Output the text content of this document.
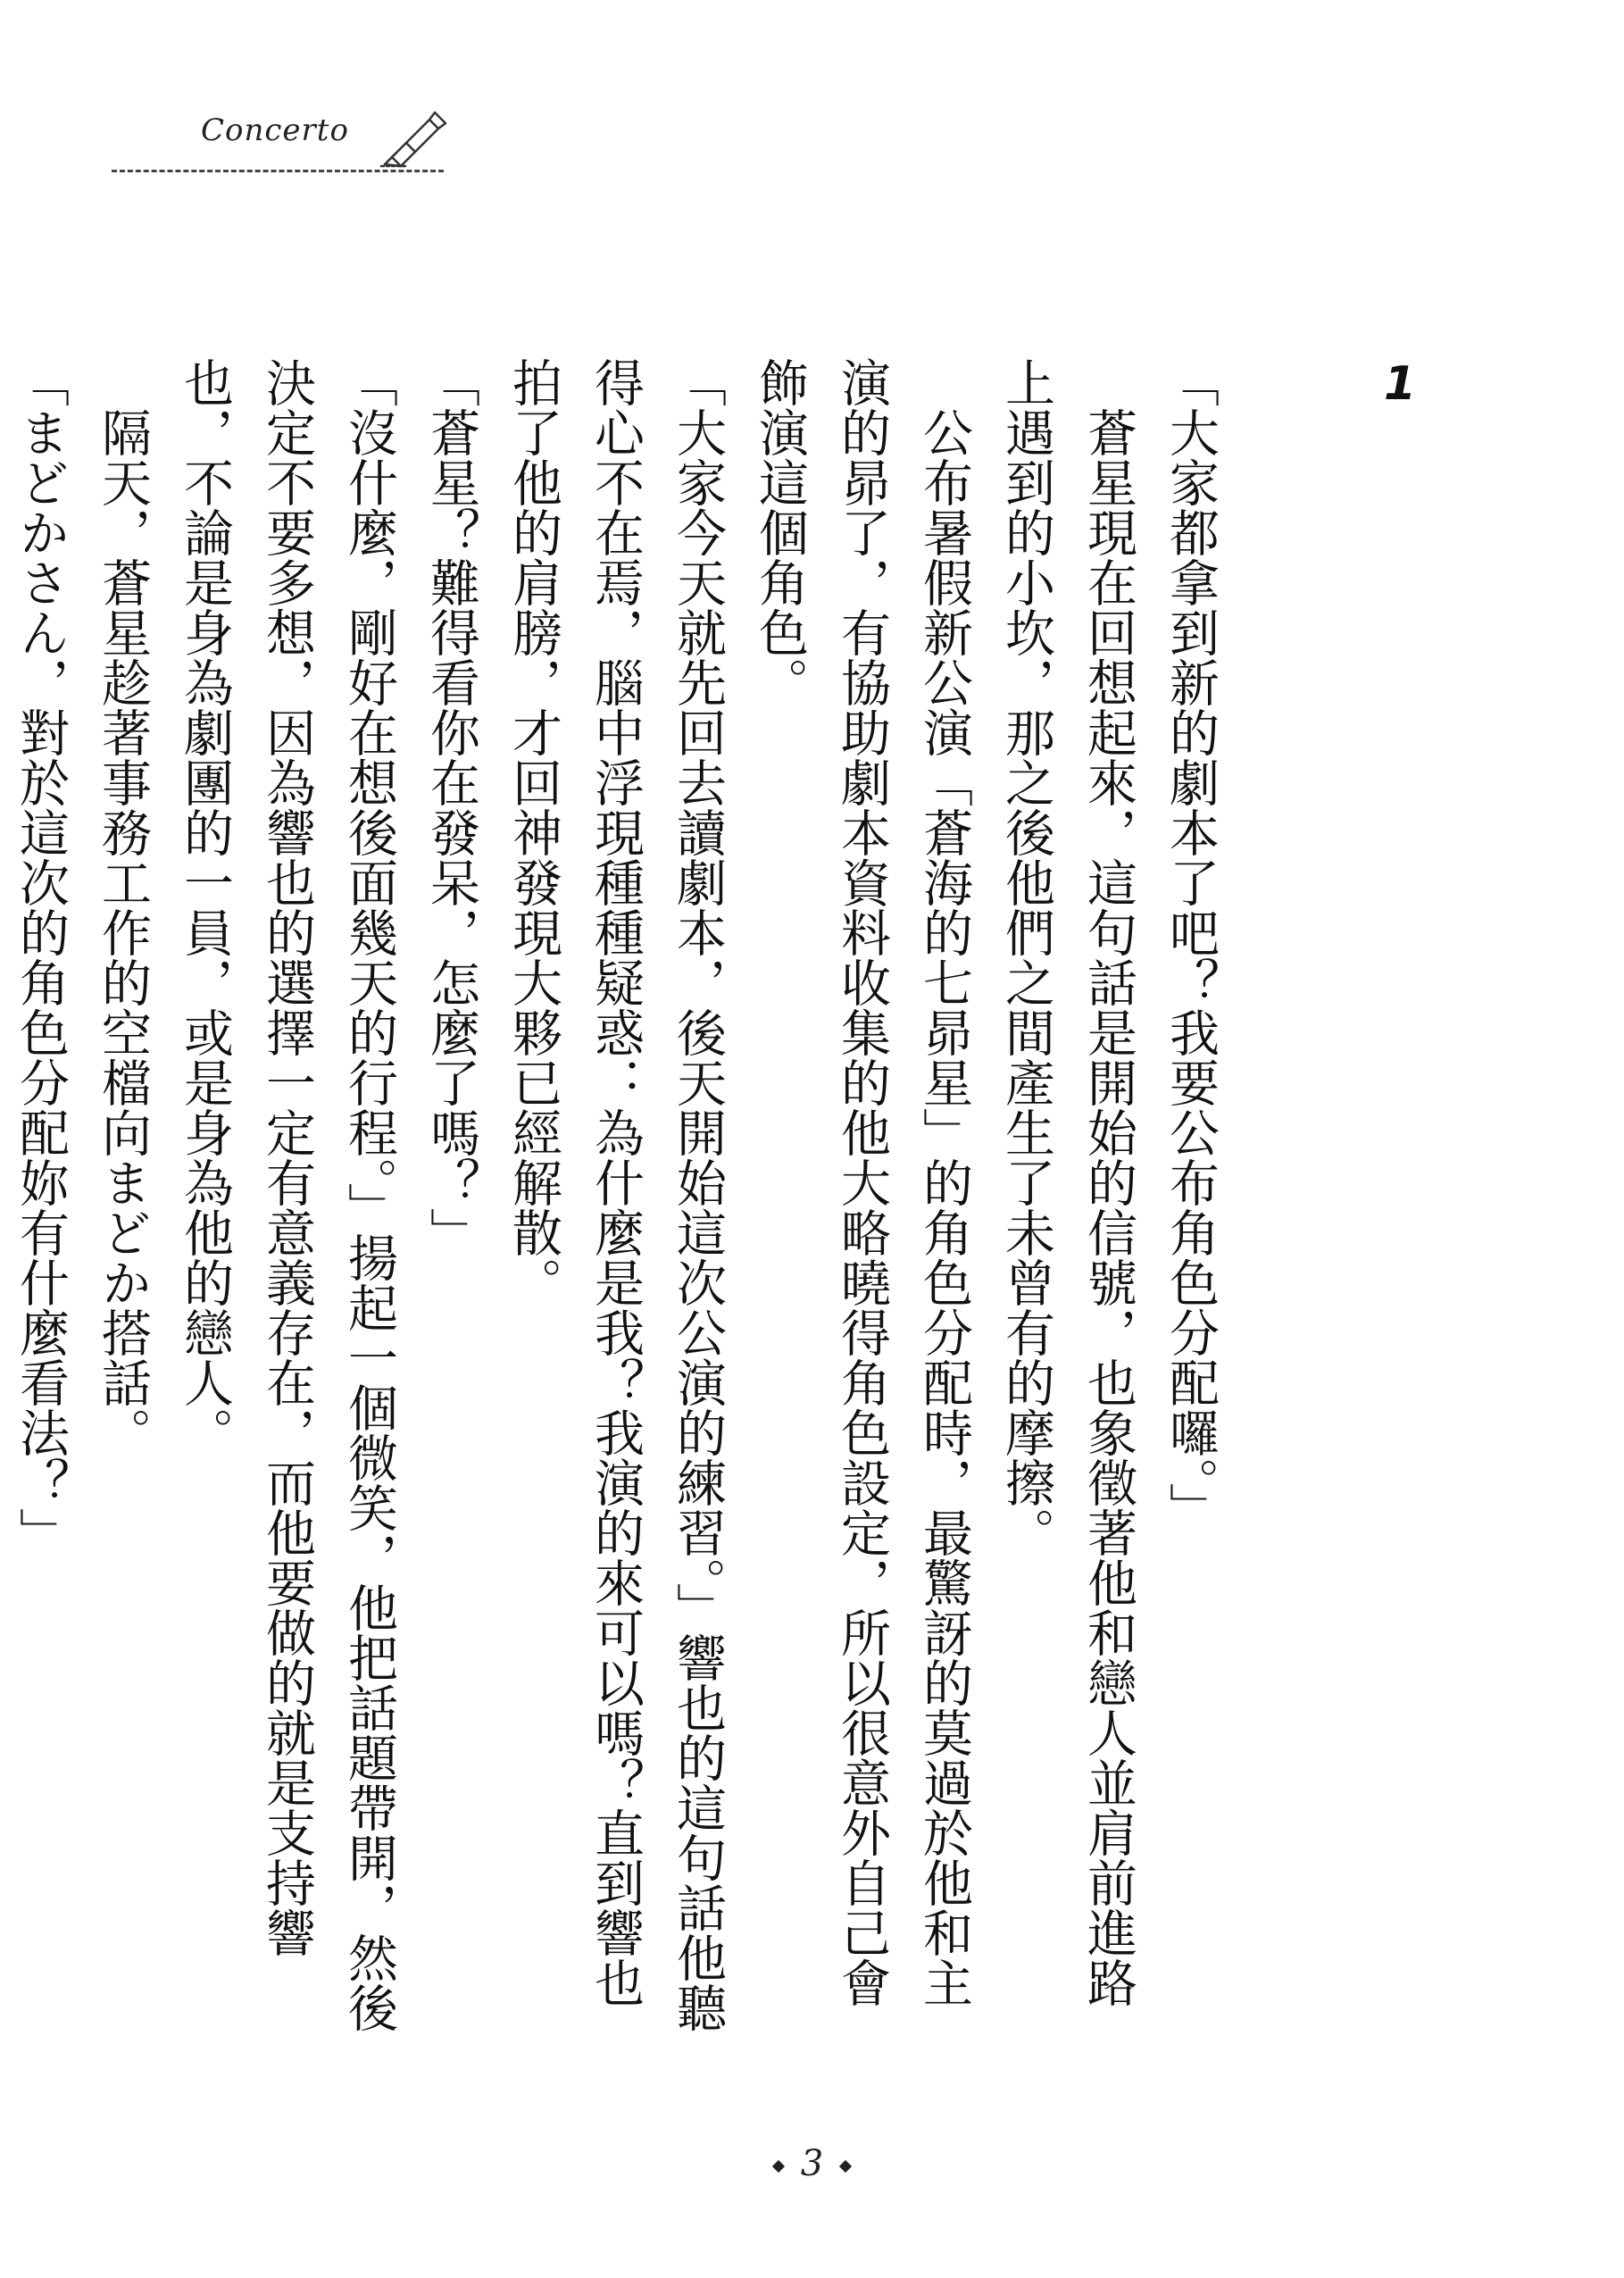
Concerto
1

「大家都拿到新的劇本了吧？我要公布角色分配囉。」

蒼星現在回想起來，這句話是開始的信號，也象徵著他和戀人並肩前進路上遇到的小坎，那之後他們之間產生了未曾有的摩擦。

公布暑假新公演「蒼海的七昴星」的角色分配時，最驚訝的莫過於他和主演的昴了，有協助劇本資料收集的他大略曉得角色設定，所以很意外自己會飾演這個角色。

「大家今天就先回去讀劇本，後天開始這次公演的練習。」響也的這句話他聽得心不在焉，腦中浮現種種疑惑：為什麼是我？我演的來可以嗎？直到響也拍了他的肩膀，才回神發現大夥已經解散。

「蒼星？難得看你在發呆，怎麼了嗎？」

「沒什麼，剛好在想後面幾天的行程。」揚起一個微笑，他把話題帶開，然後決定不要多想，因為響也的選擇一定有意義存在，而他要做的就是支持響也，不論是身為劇團的一員，或是身為他的戀人。

隔天，蒼星趁著事務工作的空檔向まどか搭話。

「まどかさん，對於這次的角色分配妳有什麼看法？」

3
